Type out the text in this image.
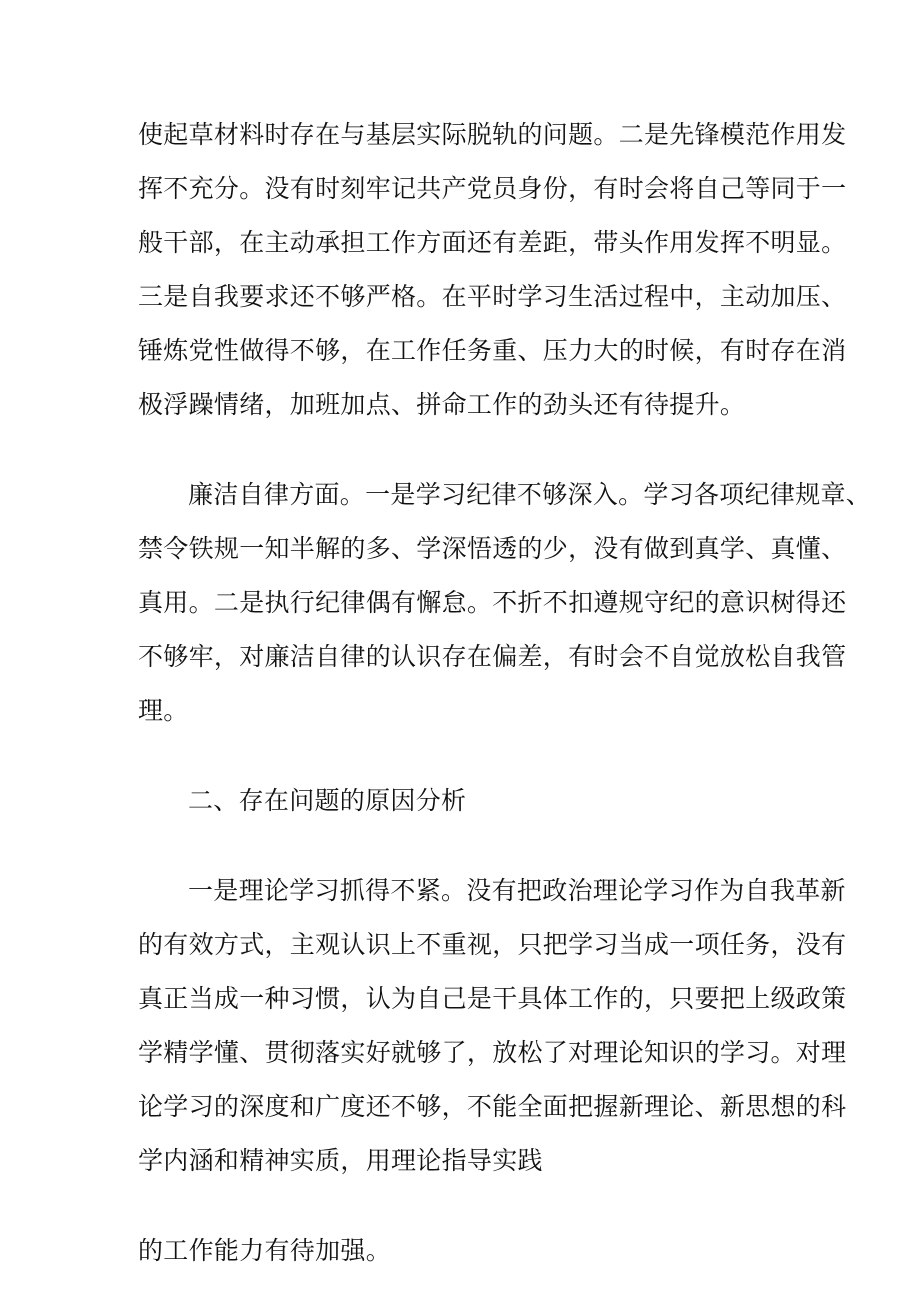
使起草材料时存在与基层实际脱轨的问题。二是先锋模范作用发

挥不充分。没有时刻牢记共产党员身份，有时会将自己等同于一

般干部，在主动承担工作方面还有差距，带头作用发挥不明显。

三是自我要求还不够严格。在平时学习生活过程中，主动加压、

锤炼党性做得不够，在工作任务重、压力大的时候，有时存在消

极浮躁情绪，加班加点、拼命工作的劲头还有待提升。

廉洁自律方面。一是学习纪律不够深入。学习各项纪律规章、

禁令铁规一知半解的多、学深悟透的少，没有做到真学、真懂、

真用。二是执行纪律偶有懈怠。不折不扣遵规守纪的意识树得还

不够牢，对廉洁自律的认识存在偏差，有时会不自觉放松自我管

理。

二、存在问题的原因分析

一是理论学习抓得不紧。没有把政治理论学习作为自我革新

的有效方式，主观认识上不重视，只把学习当成一项任务，没有

真正当成一种习惯，认为自己是干具体工作的，只要把上级政策

学精学懂、贯彻落实好就够了，放松了对理论知识的学习。对理

论学习的深度和广度还不够，不能全面把握新理论、新思想的科

学内涵和精神实质，用理论指导实践

的工作能力有待加强。
